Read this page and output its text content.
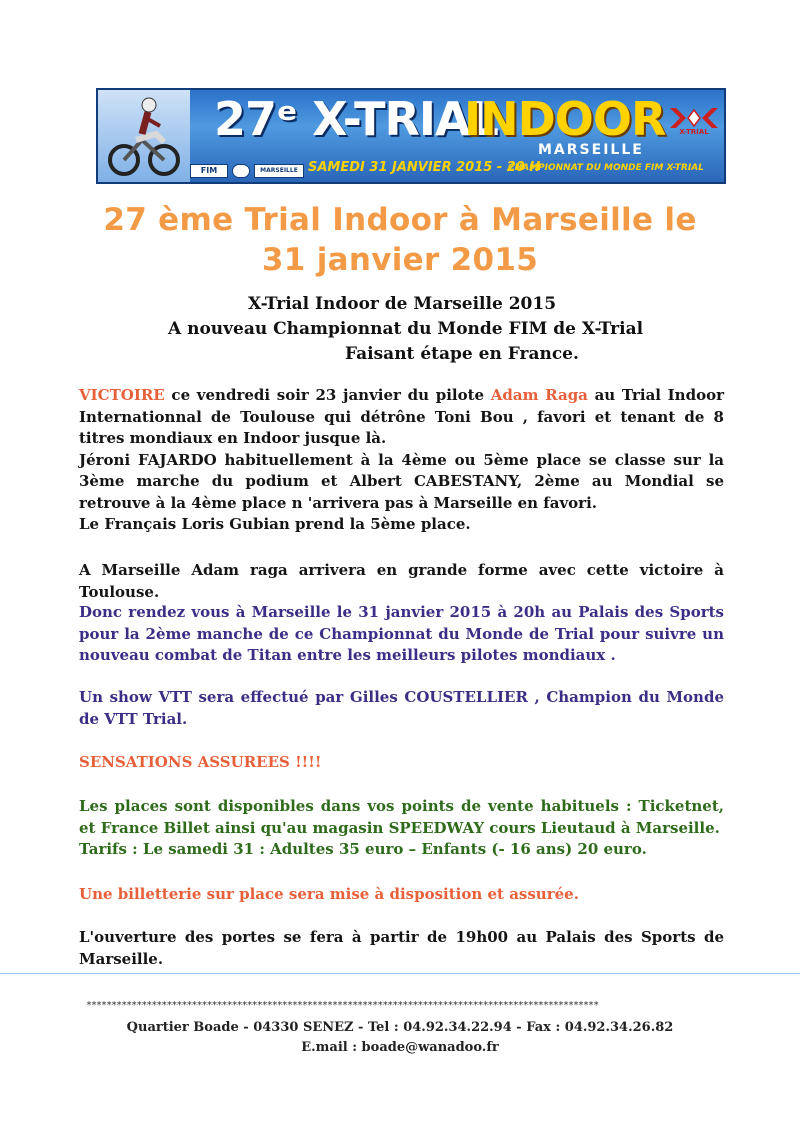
27ᵉ X-TRIAL
INDOOR
MARSEILLE
FIM	MARSEILLE SAMEDI 31 JANVIER 2015 - 20 H
CHAMPIONNAT DU MONDE FIM X-TRIAL
X-TRIAL
27 ème Trial Indoor à Marseille le
31 janvier 2015
X-Trial Indoor de Marseille 2015
A nouveau Championnat du Monde FIM de X-Trial
Faisant étape en France.
VICTOIRE ce vendredi soir 23 janvier du pilote Adam Raga au Trial Indoor Internationnal de Toulouse qui détrône Toni Bou , favori et tenant de 8 titres mondiaux en Indoor jusque là.
Jéroni FAJARDO habituellement à la 4ème ou 5ème place se classe sur la 3ème marche du podium et Albert CABESTANY, 2ème au Mondial se retrouve à la 4ème place n 'arrivera pas à Marseille en favori.
Le Français Loris Gubian prend la 5ème place.
A Marseille Adam raga arrivera en grande forme avec cette victoire à Toulouse.
Donc rendez vous à Marseille le 31 janvier 2015 à 20h au Palais des Sports pour la 2ème manche de ce Championnat du Monde de Trial pour suivre un nouveau combat de Titan entre les meilleurs pilotes mondiaux .
Un show VTT sera effectué par Gilles COUSTELLIER , Champion du Monde de VTT Trial.
SENSATIONS ASSUREES !!!!
Les places sont disponibles dans vos points de vente habituels : Ticketnet, et France Billet ainsi qu'au magasin SPEEDWAY cours Lieutaud à Marseille.
Tarifs : Le samedi 31 : Adultes 35 euro – Enfants (- 16 ans) 20 euro.
Une billetterie sur place sera mise à disposition et assurée.
L'ouverture des portes se fera à partir de 19h00 au Palais des Sports de Marseille.
******************************************************************************************************
Quartier Boade - 04330 SENEZ - Tel : 04.92.34.22.94 - Fax : 04.92.34.26.82
E.mail : boade@wanadoo.fr
